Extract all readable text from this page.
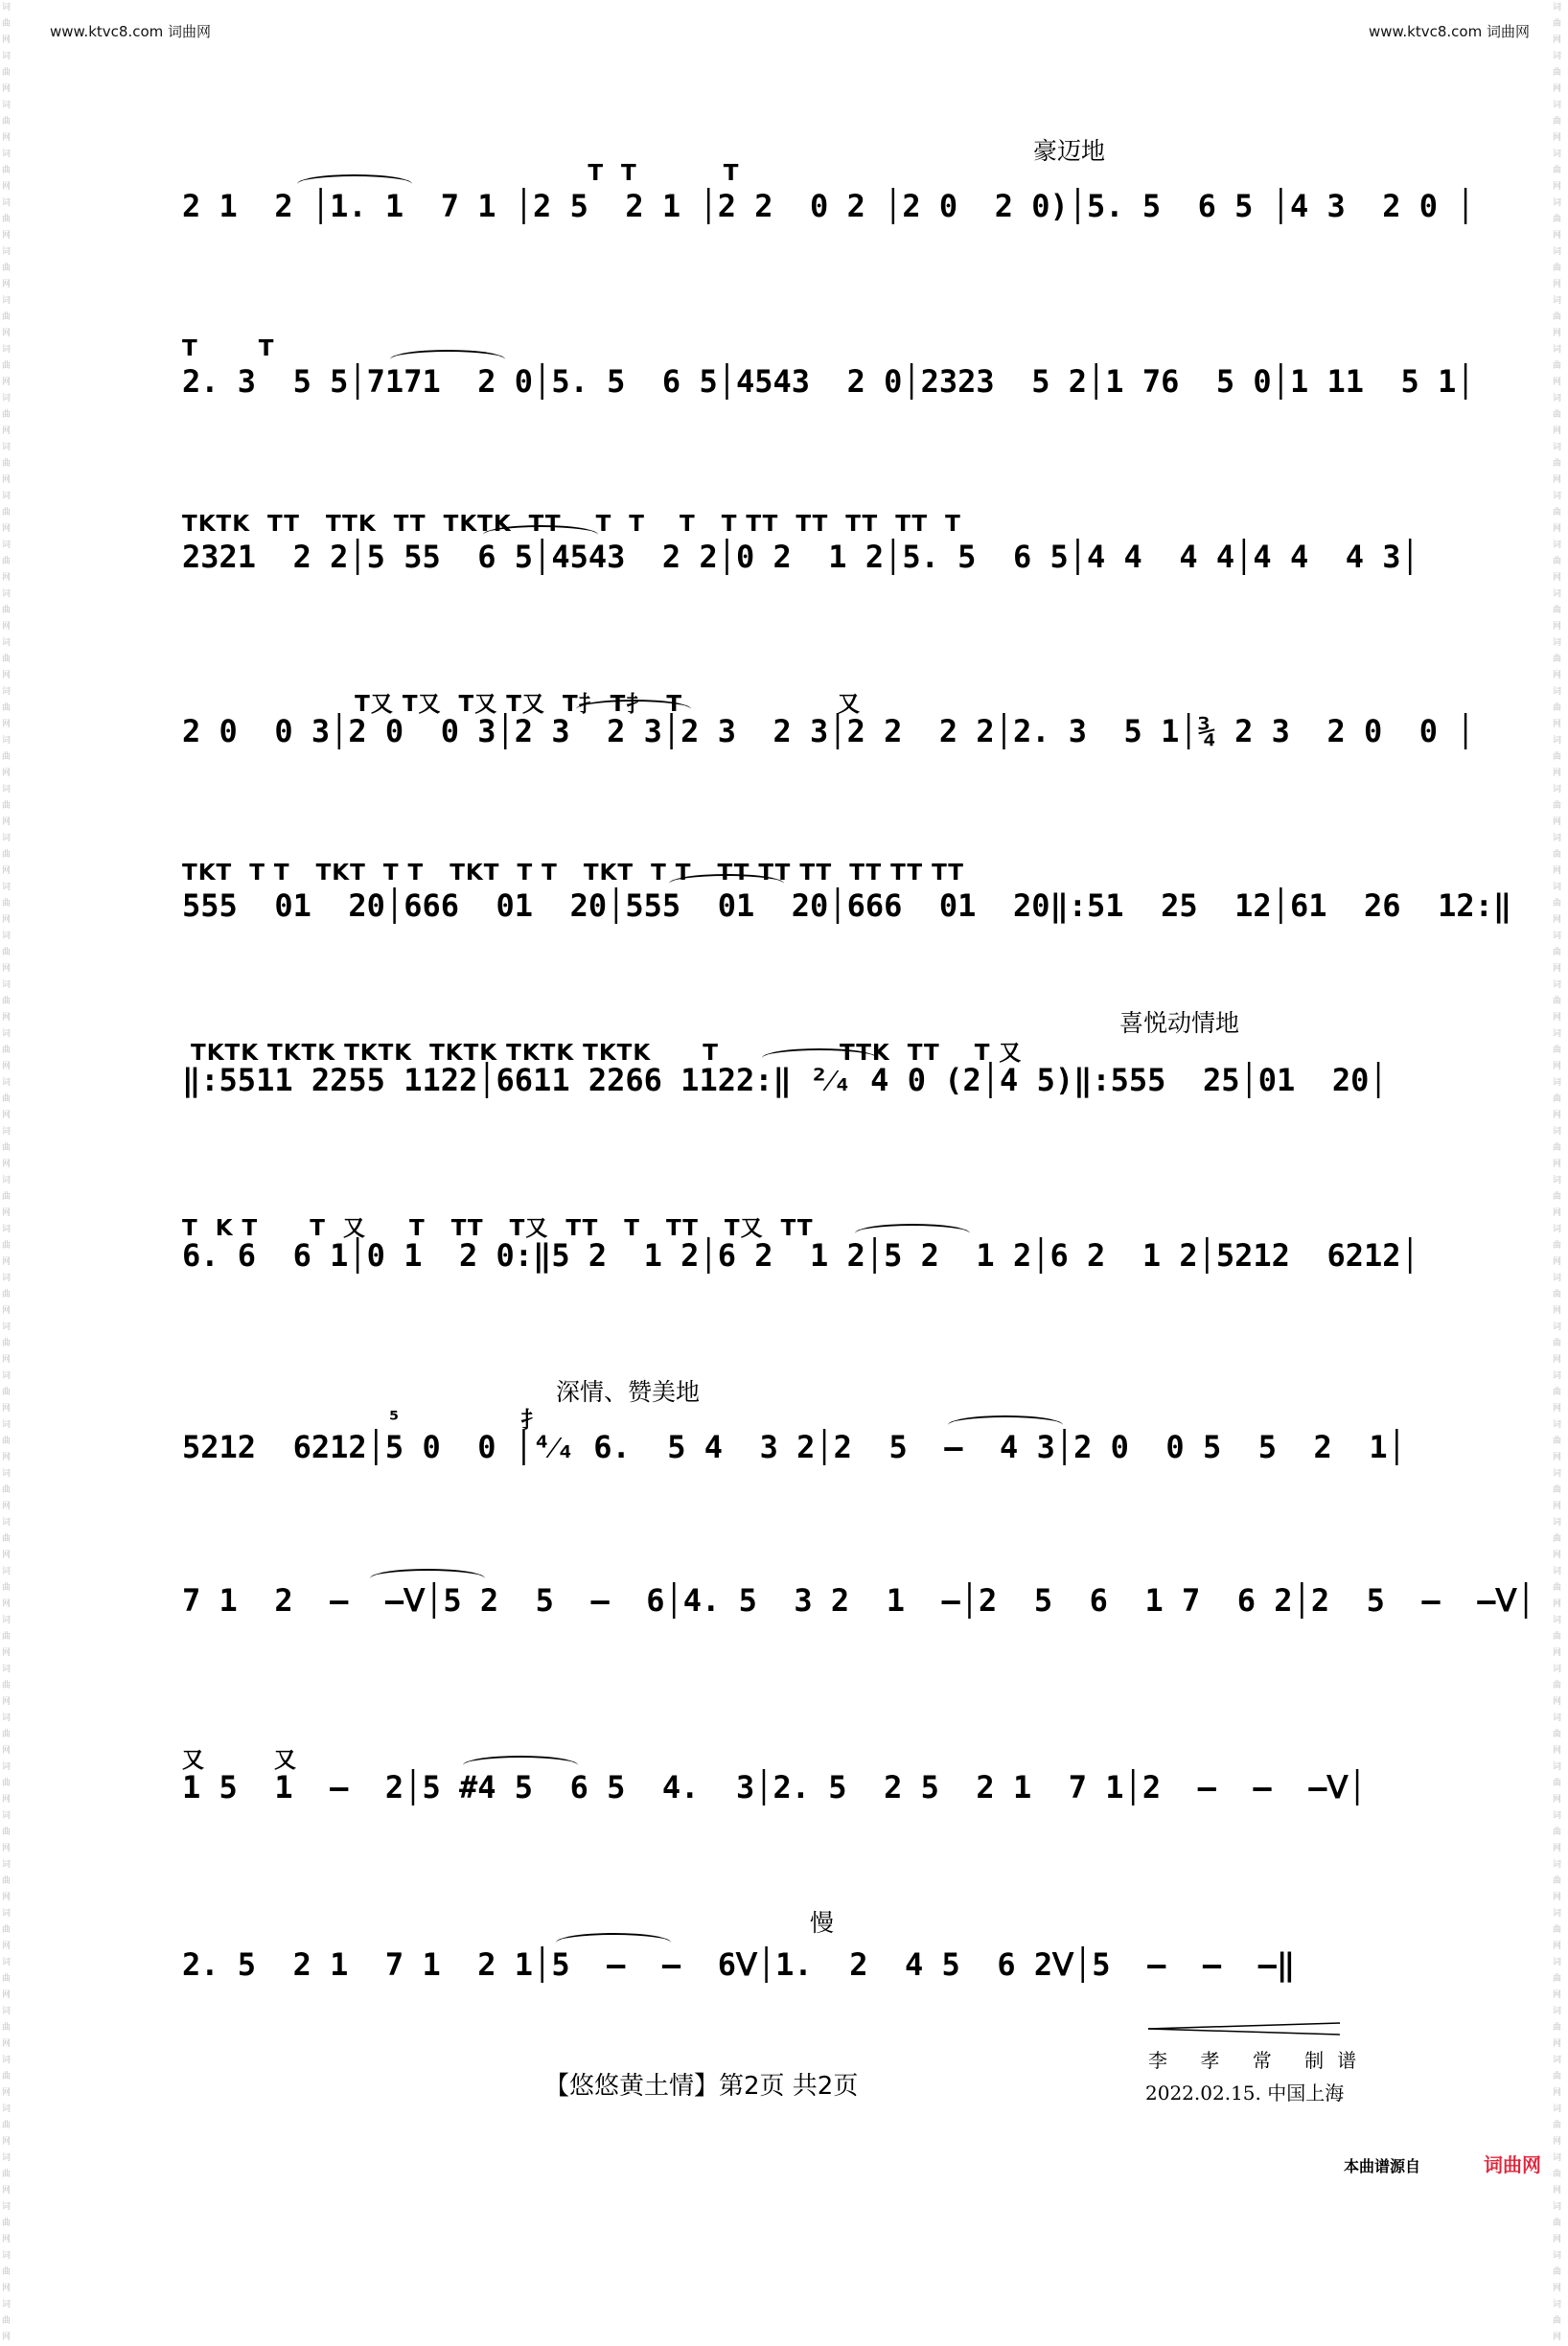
www.ktvc8.com 词曲网	www.ktvc8.com 词曲网
词曲网词曲网词曲网词曲网词曲网词曲网词曲网词曲网词曲网词曲网词曲网词曲网词曲网词曲网词曲网词曲网词曲网词曲网词曲网词曲网词曲网词曲网词曲网词曲网词曲网词曲网词曲网词曲网词曲网词曲网词曲网词曲网词曲网词曲网词曲网词曲网词曲网词曲网词曲网词曲网词曲网词曲网词曲网词曲网词曲网词曲网词曲网词曲网
词曲网词曲网词曲网词曲网词曲网词曲网词曲网词曲网词曲网词曲网词曲网词曲网词曲网词曲网词曲网词曲网词曲网词曲网词曲网词曲网词曲网词曲网词曲网词曲网词曲网词曲网词曲网词曲网词曲网词曲网词曲网词曲网词曲网词曲网词曲网词曲网词曲网词曲网词曲网词曲网词曲网词曲网词曲网词曲网词曲网词曲网词曲网词曲网
豪迈地
喜悦动情地
深情、赞美地
慢
T  T          T
2 1  2 │1. 1  7 1 │2 5  2 1 │2 2  0 2 │2 0  2 0)│5. 5  6 5 │4 3  2 0 │
T       T
2. 3  5 5│7171  2 0│5. 5  6 5│4543  2 0│2323  5 2│1 76  5 0│1 11  5 1│
TKTK  TT   TTK  TT  TKTK  TT    T  T    T   T TT  TT  TT  TT  T
2321  2 2│5 55  6 5│4543  2 2│0 2  1 2│5. 5  6 5│4 4  4 4│4 4  4 3│
T又 T又  T又 T又  T扌 T扌  T                  又
2 0  0 3│2 0  0 3│2 3  2 3│2 3  2 3│2 2  2 2│2. 3  5 1│¾ 2 3  2 0  0 │
TKT  T T   TKT  T T   TKT  T T   TKT  T T   TT TT TT  TT TT TT
555  01  20│666  01  20│555  01  20│666  01  20‖:51  25  12│61  26  12:‖
TKTK TKTK TKTK  TKTK TKTK TKTK      T              TTK  TT    T 又
‖:5511 2255 1122│6611 2266 1122:‖ ²⁄₄ 4 0 (2│4 5)‖:555  25│01  20│
T  K T      T  又     T   TT   T又  TT   T   TT   T又  TT
6. 6  6 1│0 1  2 0:‖5 2  1 2│6 2  1 2│5 2  1 2│6 2  1 2│5212  6212│
⁵              扌
5212  6212│5 0  0 │⁴⁄₄ 6.  5 4  3 2│2  5  —  4 3│2 0  0 5  5  2  1│
7 1  2  —  —ᐯ│5 2  5  —  6│4. 5  3 2  1  —│2  5  6  1 7  6 2│2  5  —  —ᐯ│
又        又
1 5  1  —  2│5 #4 5  6 5  4.  3│2. 5  2 5  2 1  7 1│2  —  —  —ᐯ│
2. 5  2 1  7 1  2 1│5  —  —  6ᐯ│1.  2  4 5  6 2ᐯ│5  —  —  —‖
【悠悠黄土情】第2页 共2页
李 孝 常 制谱
2022.02.15. 中国上海
本曲谱源自	词曲网
